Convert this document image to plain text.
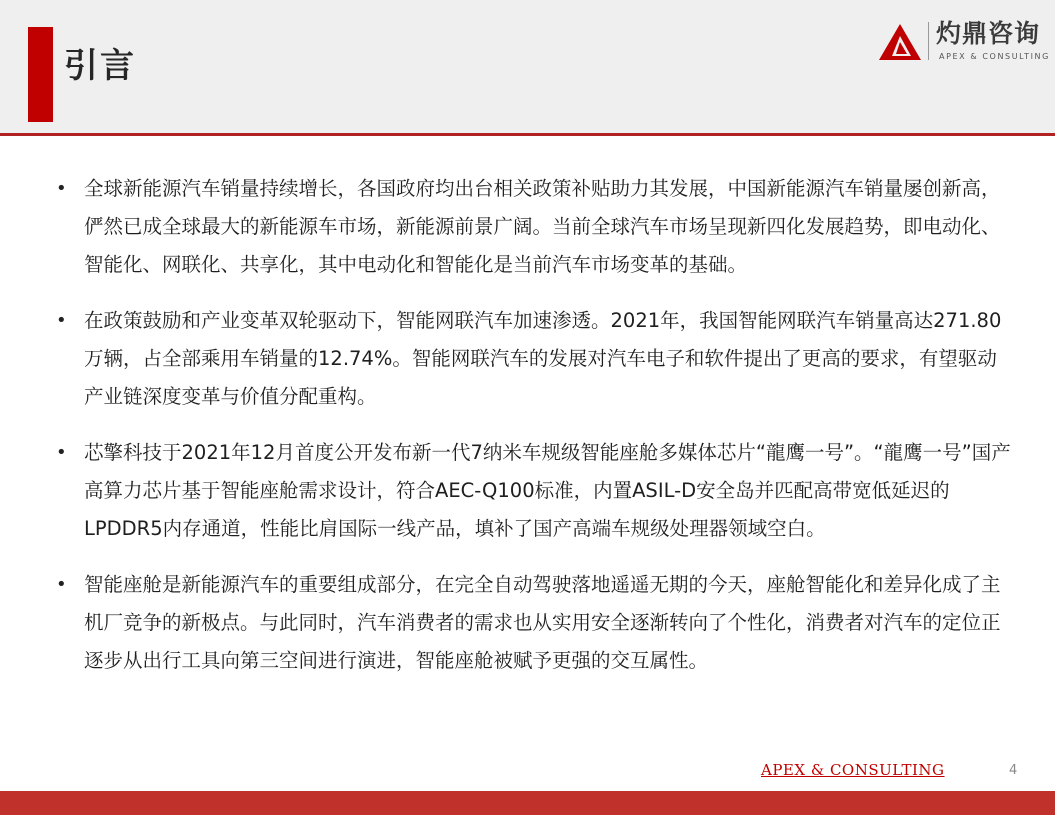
引言
灼鼎咨询
APEX & CONSULTING
• 全球新能源汽车销量持续增长，各国政府均出台相关政策补贴助力其发展，中国新能源汽车销量屡创新高，俨然已成全球最大的新能源车市场，新能源前景广阔。当前全球汽车市场呈现新四化发展趋势，即电动化、智能化、网联化、共享化，其中电动化和智能化是当前汽车市场变革的基础。
• 在政策鼓励和产业变革双轮驱动下，智能网联汽车加速渗透。2021年，我国智能网联汽车销量高达271.80万辆，占全部乘用车销量的12.74%。智能网联汽车的发展对汽车电子和软件提出了更高的要求，有望驱动产业链深度变革与价值分配重构。
• 芯擎科技于2021年12月首度公开发布新一代7纳米车规级智能座舱多媒体芯片“龍鹰一号”。“龍鹰一号”国产高算力芯片基于智能座舱需求设计，符合AEC-Q100标准，内置ASIL-D安全岛并匹配高带宽低延迟的LPDDR5内存通道，性能比肩国际一线产品，填补了国产高端车规级处理器领域空白。
• 智能座舱是新能源汽车的重要组成部分，在完全自动驾驶落地遥遥无期的今天，座舱智能化和差异化成了主机厂竞争的新极点。与此同时，汽车消费者的需求也从实用安全逐渐转向了个性化，消费者对汽车的定位正逐步从出行工具向第三空间进行演进，智能座舱被赋予更强的交互属性。
APEX & CONSULTING	4
